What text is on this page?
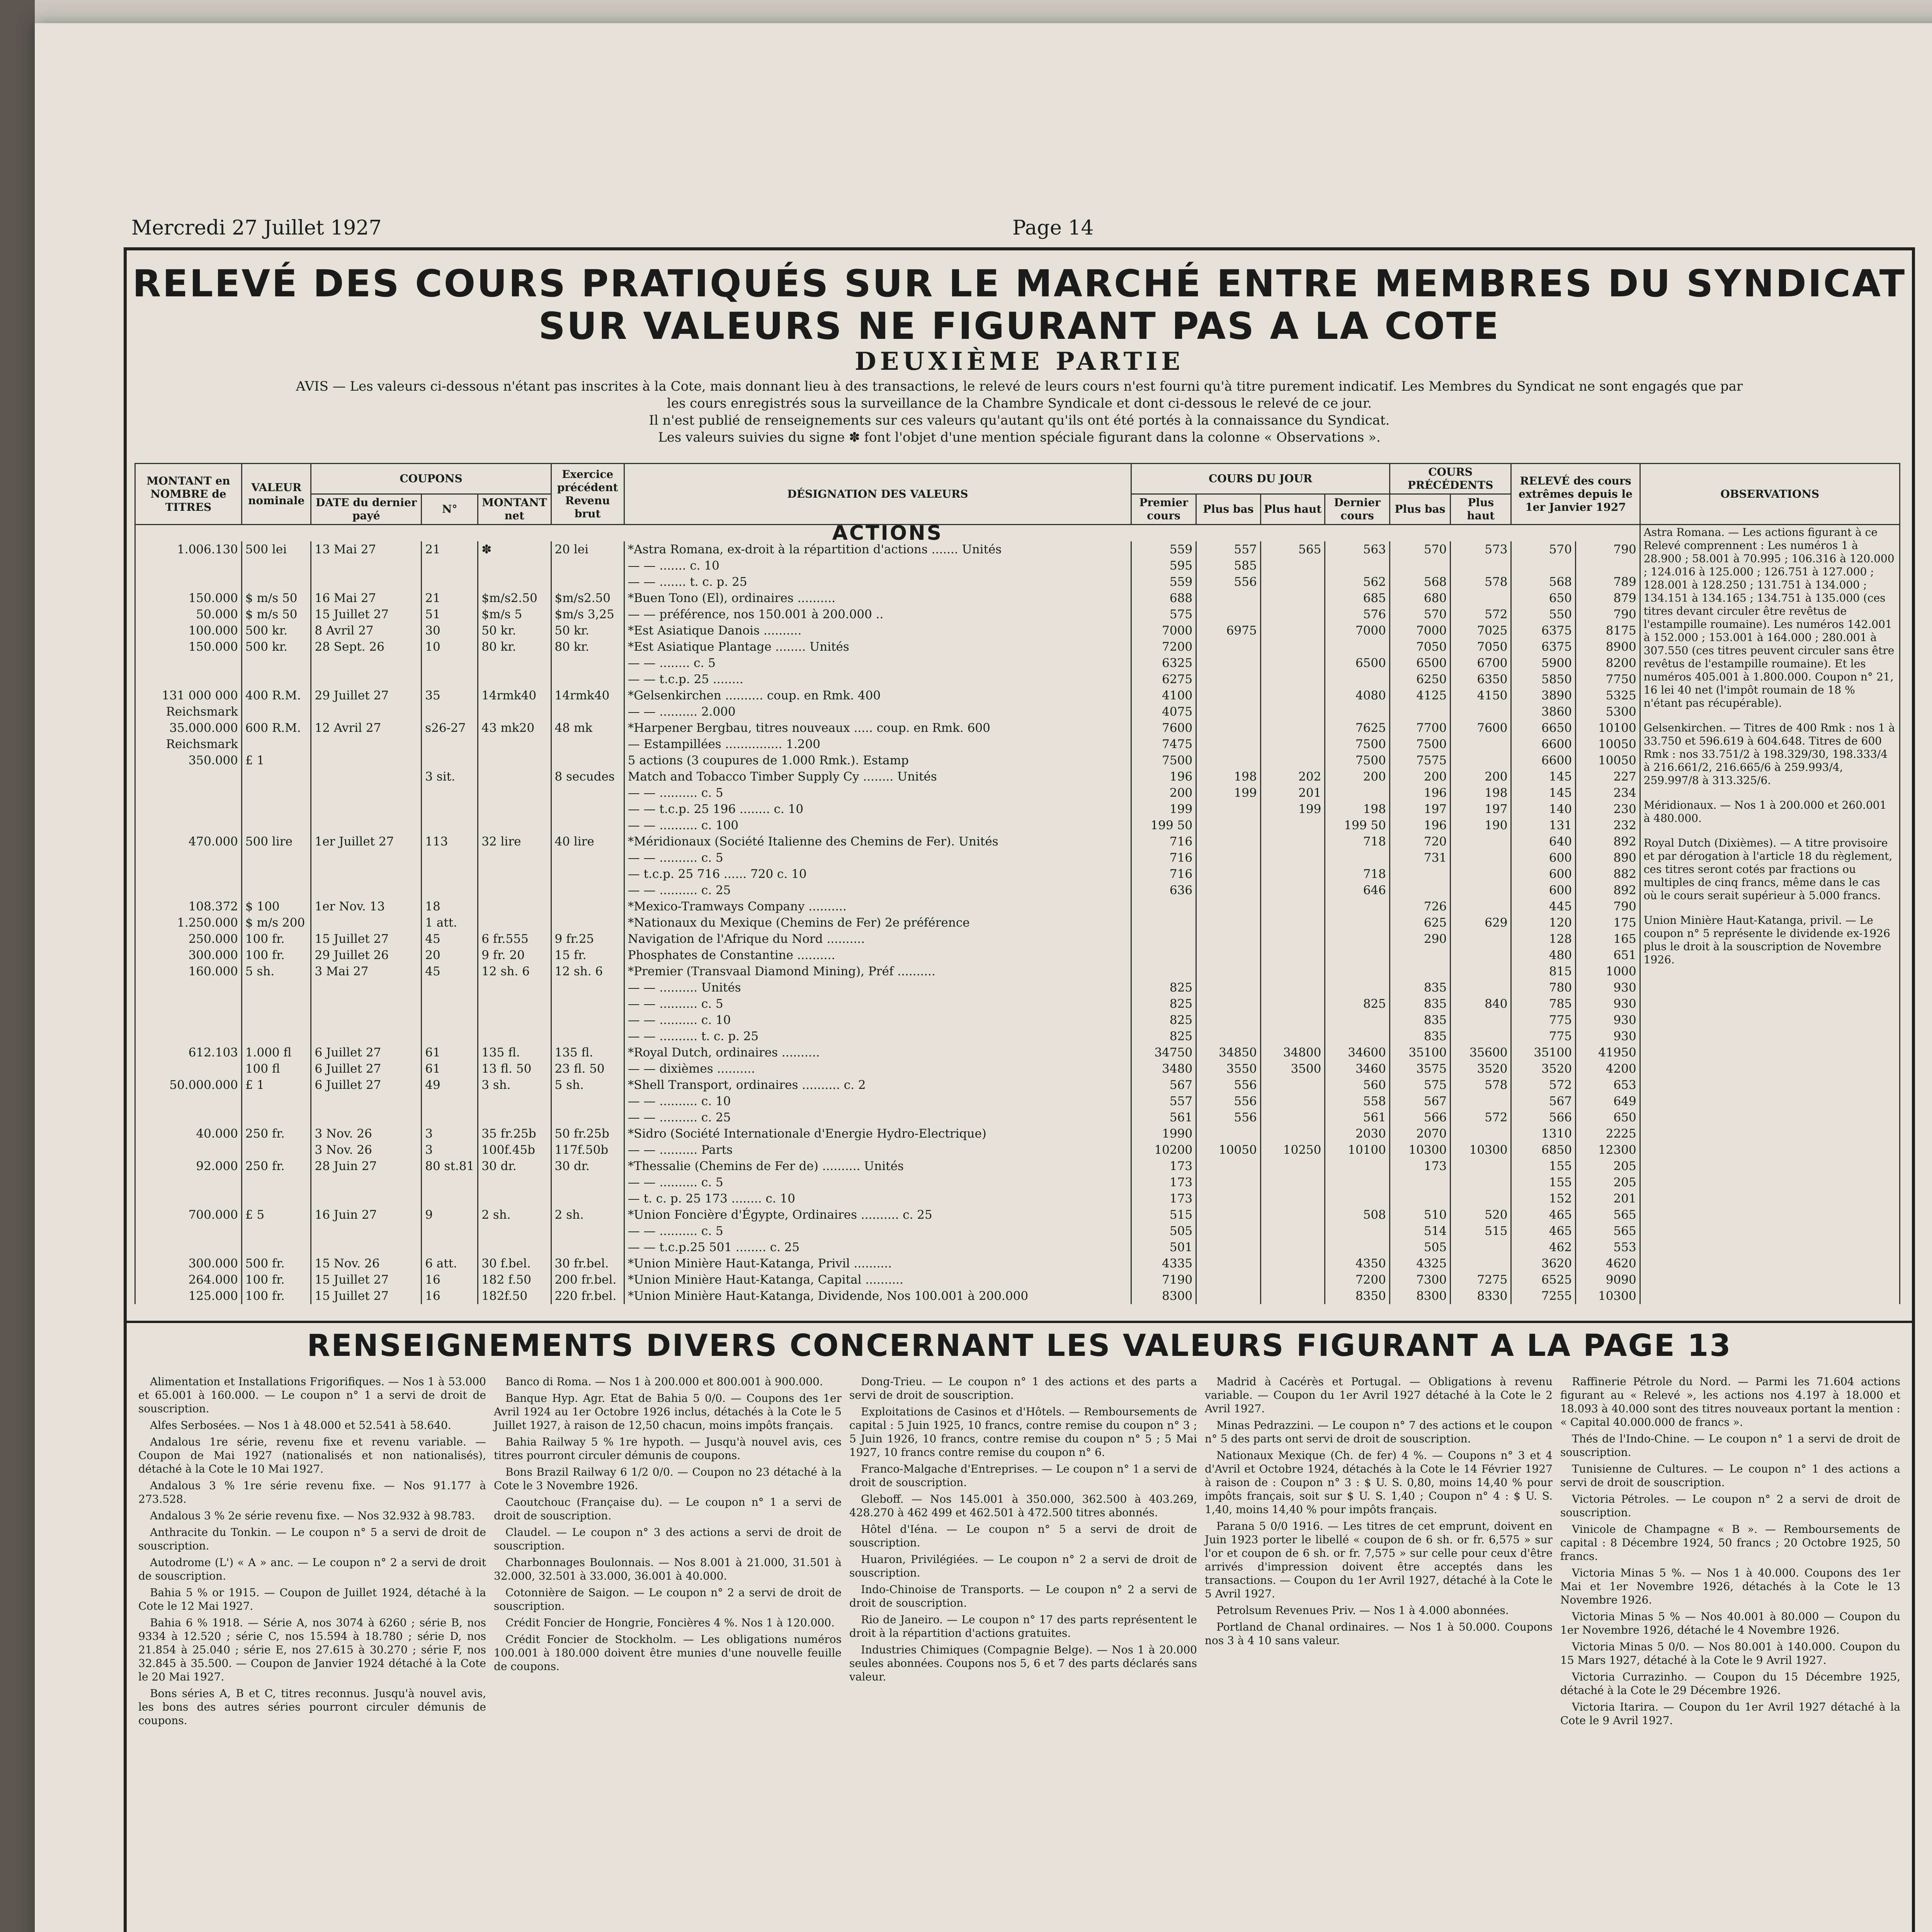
Mercredi 27 Juillet 1927	Page 14
RELEVÉ DES COURS PRATIQUÉS SUR LE MARCHÉ ENTRE MEMBRES DU SYNDICAT
SUR VALEURS NE FIGURANT PAS A LA COTE
DEUXIÈME PARTIE
AVIS — Les valeurs ci-dessous n'étant pas inscrites à la Cote, mais donnant lieu à des transactions, le relevé de leurs cours n'est fourni qu'à titre purement indicatif. Les Membres du Syndicat ne sont engagés que par
les cours enregistrés sous la surveillance de la Chambre Syndicale et dont ci-dessous le relevé de ce jour.
Il n'est publié de renseignements sur ces valeurs qu'autant qu'ils ont été portés à la connaissance du Syndicat.
Les valeurs suivies du signe ✽ font l'objet d'une mention spéciale figurant dans la colonne « Observations ».
MONTANT en NOMBRE de TITRES	VALEUR nominale	COUPONS			Exercice précédent Revenu brut	DÉSIGNATION DES VALEURS	COURS DU JOUR				COURS PRÉCÉDENTS		RELEVÉ des cours extrêmes depuis le 1er Janvier 1927		OBSERVATIONS
		DATE du dernier payé	N°	MONTANT net			Premier cours	Plus bas	Plus haut	Dernier cours	Plus bas	Plus haut			
ACTIONS															Astra Romana. — Les actions figurant à ce Relevé comprennent : Les numéros 1 à 28.900 ; 58.001 à 70.995 ; 106.316 à 120.000 ; 124.016 à 125.000 ; 126.751 à 127.000 ; 128.001 à 128.250 ; 131.751 à 134.000 ; 134.151 à 134.165 ; 134.751 à 135.000 (ces titres devant circuler être revêtus de l'estampille roumaine). Les numéros 142.001 à 152.000 ; 153.001 à 164.000 ; 280.001 à 307.550 (ces titres peuvent circuler sans être revêtus de l'estampille roumaine). Et les numéros 405.001 à 1.800.000. Coupon n° 21, 16 lei 40 net (l'impôt roumain de 18 % n'étant pas récupérable).

Gelsenkirchen. — Titres de 400 Rmk : nos 1 à 33.750 et 596.619 à 604.648. Titres de 600 Rmk : nos 33.751/2 à 198.329/30, 198.333/4 à 216.661/2, 216.665/6 à 259.993/4, 259.997/8 à 313.325/6.

Méridionaux. — Nos 1 à 200.000 et 260.001 à 480.000.

Royal Dutch (Dixièmes). — A titre provisoire et par dérogation à l'article 18 du règlement, ces titres seront cotés par fractions ou multiples de cinq francs, même dans le cas où le cours serait supérieur à 5.000 francs.

Union Minière Haut-Katanga, privil. — Le coupon n° 5 représente le dividende ex-1926 plus le droit à la souscription de Novembre 1926.

1.006.130	500 lei	13 Mai 27	21	✽	20 lei	*Astra Romana, ex-droit à la répartition d'actions ....... Unités	559	557	565	563	570	573	570	790	
						— — ....... c. 10	595	585							
						— — ....... t. c. p. 25	559	556		562	568	578	568	789	
150.000	$ m/s 50	16 Mai 27	21	$m/s2.50	$m/s2.50	*Buen Tono (El), ordinaires ..........	688			685	680		650	879	
50.000	$ m/s 50	15 Juillet 27	51	$m/s 5	$m/s 3,25	— — préférence, nos 150.001 à 200.000 ..	575			576	570	572	550	790	
100.000	500 kr.	8 Avril 27	30	50 kr.	50 kr.	*Est Asiatique Danois ..........	7000	6975		7000	7000	7025	6375	8175	
150.000	500 kr.	28 Sept. 26	10	80 kr.	80 kr.	*Est Asiatique Plantage ........ Unités	7200				7050	7050	6375	8900	
						— — ........ c. 5	6325			6500	6500	6700	5900	8200	
						— — t.c.p. 25 ........	6275				6250	6350	5850	7750	
131 000 000	400 R.M.	29 Juillet 27	35	14rmk40	14rmk40	*Gelsenkirchen .......... coup. en Rmk. 400	4100			4080	4125	4150	3890	5325	
Reichsmark						— — .......... 2.000	4075						3860	5300	
35.000.000	600 R.M.	12 Avril 27	s26-27	43 mk20	48 mk	*Harpener Bergbau, titres nouveaux ..... coup. en Rmk. 600	7600			7625	7700	7600	6650	10100	
Reichsmark						— Estampillées ............... 1.200	7475			7500	7500		6600	10050	
350.000	£ 1					5 actions (3 coupures de 1.000 Rmk.). Estamp	7500			7500	7575		6600	10050	
			3 sit.		8 secudes	Match and Tobacco Timber Supply Cy ........ Unités	196	198	202	200	200	200	145	227	
						— — .......... c. 5	200	199	201		196	198	145	234	
						— — t.c.p. 25 196 ........ c. 10	199		199	198	197	197	140	230	
						— — .......... c. 100	199 50			199 50	196	190	131	232	
470.000	500 lire	1er Juillet 27	113	32 lire	40 lire	*Méridionaux (Société Italienne des Chemins de Fer). Unités	716			718	720		640	892	
						— — .......... c. 5	716				731		600	890	
						— t.c.p. 25 716 ...... 720 c. 10	716			718			600	882	
						— — .......... c. 25	636			646			600	892	
108.372	$ 100	1er Nov. 13	18			*Mexico-Tramways Company ..........					726		445	790	
1.250.000	$ m/s 200		1 att.			*Nationaux du Mexique (Chemins de Fer) 2e préférence					625	629	120	175	
250.000	100 fr.	15 Juillet 27	45	6 fr.555	9 fr.25	Navigation de l'Afrique du Nord ..........					290		128	165	
300.000	100 fr.	29 Juillet 26	20	9 fr. 20	15 fr.	Phosphates de Constantine ..........							480	651	
160.000	5 sh.	3 Mai 27	45	12 sh. 6	12 sh. 6	*Premier (Transvaal Diamond Mining), Préf ..........							815	1000	
						— — .......... Unités	825				835		780	930	
						— — .......... c. 5	825			825	835	840	785	930	
						— — .......... c. 10	825				835		775	930	
						— — .......... t. c. p. 25	825				835		775	930	
612.103	1.000 fl	6 Juillet 27	61	135 fl.	135 fl.	*Royal Dutch, ordinaires ..........	34750	34850	34800	34600	35100	35600	35100	41950	
	100 fl	6 Juillet 27	61	13 fl. 50	23 fl. 50	— — dixièmes ..........	3480	3550	3500	3460	3575	3520	3520	4200	
50.000.000	£ 1	6 Juillet 27	49	3 sh.	5 sh.	*Shell Transport, ordinaires .......... c. 2	567	556		560	575	578	572	653	
						— — .......... c. 10	557	556		558	567		567	649	
						— — .......... c. 25	561	556		561	566	572	566	650	
40.000	250 fr.	3 Nov. 26	3	35 fr.25b	50 fr.25b	*Sidro (Société Internationale d'Energie Hydro-Electrique)	1990			2030	2070		1310	2225	
		3 Nov. 26	3	100f.45b	117f.50b	— — .......... Parts	10200	10050	10250	10100	10300	10300	6850	12300	
92.000	250 fr.	28 Juin 27	80 st.81	30 dr.	30 dr.	*Thessalie (Chemins de Fer de) .......... Unités	173				173		155	205	
						— — .......... c. 5	173						155	205	
						— t. c. p. 25 173 ........ c. 10	173						152	201	
700.000	£ 5	16 Juin 27	9	2 sh.	2 sh.	*Union Foncière d'Égypte, Ordinaires .......... c. 25	515			508	510	520	465	565	
						— — .......... c. 5	505				514	515	465	565	
						— — t.c.p.25 501 ........ c. 25	501				505		462	553	
300.000	500 fr.	15 Nov. 26	6 att.	30 f.bel.	30 fr.bel.	*Union Minière Haut-Katanga, Privil ..........	4335			4350	4325		3620	4620	
264.000	100 fr.	15 Juillet 27	16	182 f.50	200 fr.bel.	*Union Minière Haut-Katanga, Capital ..........	7190			7200	7300	7275	6525	9090	
125.000	100 fr.	15 Juillet 27	16	182f.50	220 fr.bel.	*Union Minière Haut-Katanga, Dividende, Nos 100.001 à 200.000	8300			8350	8300	8330	7255	10300	
RENSEIGNEMENTS DIVERS CONCERNANT LES VALEURS FIGURANT A LA PAGE 13

Alimentation et Installations Frigorifiques. — Nos 1 à 53.000 et 65.001 à 160.000. — Le coupon n° 1 a servi de droit de souscription.

Alfes Serbosées. — Nos 1 à 48.000 et 52.541 à 58.640.

Andalous 1re série, revenu fixe et revenu variable. — Coupon de Mai 1927 (nationalisés et non nationalisés), détaché à la Cote le 10 Mai 1927.

Andalous 3 % 1re série revenu fixe. — Nos 91.177 à 273.528.

Andalous 3 % 2e série revenu fixe. — Nos 32.932 à 98.783.

Anthracite du Tonkin. — Le coupon n° 5 a servi de droit de souscription.

Autodrome (L') « A » anc. — Le coupon n° 2 a servi de droit de souscription.

Bahia 5 % or 1915. — Coupon de Juillet 1924, détaché à la Cote le 12 Mai 1927.

Bahia 6 % 1918. — Série A, nos 3074 à 6260 ; série B, nos 9334 à 12.520 ; série C, nos 15.594 à 18.780 ; série D, nos 21.854 à 25.040 ; série E, nos 27.615 à 30.270 ; série F, nos 32.845 à 35.500. — Coupon de Janvier 1924 détaché à la Cote le 20 Mai 1927.

Bons séries A, B et C, titres reconnus. Jusqu'à nouvel avis, les bons des autres séries pourront circuler démunis de coupons.

Banco di Roma. — Nos 1 à 200.000 et 800.001 à 900.000.

Banque Hyp. Agr. Etat de Bahia 5 0/0. — Coupons des 1er Avril 1924 au 1er Octobre 1926 inclus, détachés à la Cote le 5 Juillet 1927, à raison de 12,50 chacun, moins impôts français.

Bahia Railway 5 % 1re hypoth. — Jusqu'à nouvel avis, ces titres pourront circuler démunis de coupons.

Bons Brazil Railway 6 1/2 0/0. — Coupon no 23 détaché à la Cote le 3 Novembre 1926.

Caoutchouc (Française du). — Le coupon n° 1 a servi de droit de souscription.

Claudel. — Le coupon n° 3 des actions a servi de droit de souscription.

Charbonnages Boulonnais. — Nos 8.001 à 21.000, 31.501 à 32.000, 32.501 à 33.000, 36.001 à 40.000.

Cotonnière de Saigon. — Le coupon n° 2 a servi de droit de souscription.

Crédit Foncier de Hongrie, Foncières 4 %. Nos 1 à 120.000.

Crédit Foncier de Stockholm. — Les obligations numéros 100.001 à 180.000 doivent être munies d'une nouvelle feuille de coupons.

Dong-Trieu. — Le coupon n° 1 des actions et des parts a servi de droit de souscription.

Exploitations de Casinos et d'Hôtels. — Remboursements de capital : 5 Juin 1925, 10 francs, contre remise du coupon n° 3 ; 5 Juin 1926, 10 francs, contre remise du coupon n° 5 ; 5 Mai 1927, 10 francs contre remise du coupon n° 6.

Franco-Malgache d'Entreprises. — Le coupon n° 1 a servi de droit de souscription.

Gleboff. — Nos 145.001 à 350.000, 362.500 à 403.269, 428.270 à 462 499 et 462.501 à 472.500 titres abonnés.

Hôtel d'Iéna. — Le coupon n° 5 a servi de droit de souscription.

Huaron, Privilégiées. — Le coupon n° 2 a servi de droit de souscription.

Indo-Chinoise de Transports. — Le coupon n° 2 a servi de droit de souscription.

Rio de Janeiro. — Le coupon n° 17 des parts représentent le droit à la répartition d'actions gratuites.

Industries Chimiques (Compagnie Belge). — Nos 1 à 20.000 seules abonnées. Coupons nos 5, 6 et 7 des parts déclarés sans valeur.

Madrid à Cacérès et Portugal. — Obligations à revenu variable. — Coupon du 1er Avril 1927 détaché à la Cote le 2 Avril 1927.

Minas Pedrazzini. — Le coupon n° 7 des actions et le coupon n° 5 des parts ont servi de droit de souscription.

Nationaux Mexique (Ch. de fer) 4 %. — Coupons n° 3 et 4 d'Avril et Octobre 1924, détachés à la Cote le 14 Février 1927 à raison de : Coupon n° 3 : $ U. S. 0,80, moins 14,40 % pour impôts français, soit sur $ U. S. 1,40 ; Coupon n° 4 : $ U. S. 1,40, moins 14,40 % pour impôts français.

Parana 5 0/0 1916. — Les titres de cet emprunt, doivent en Juin 1923 porter le libellé « coupon de 6 sh. or fr. 6,575 » sur l'or et coupon de 6 sh. or fr. 7,575 » sur celle pour ceux d'être arrivés d'impression doivent être acceptés dans les transactions. — Coupon du 1er Avril 1927, détaché à la Cote le 5 Avril 1927.

Petrolsum Revenues Priv. — Nos 1 à 4.000 abonnées.

Portland de Chanal ordinaires. — Nos 1 à 50.000. Coupons nos 3 à 4 10 sans valeur.

Raffinerie Pétrole du Nord. — Parmi les 71.604 actions figurant au « Relevé », les actions nos 4.197 à 18.000 et 18.093 à 40.000 sont des titres nouveaux portant la mention : « Capital 40.000.000 de francs ».

Thés de l'Indo-Chine. — Le coupon n° 1 a servi de droit de souscription.

Tunisienne de Cultures. — Le coupon n° 1 des actions a servi de droit de souscription.

Victoria Pétroles. — Le coupon n° 2 a servi de droit de souscription.

Vinicole de Champagne « B ». — Remboursements de capital : 8 Décembre 1924, 50 francs ; 20 Octobre 1925, 50 francs.

Victoria Minas 5 %. — Nos 1 à 40.000. Coupons des 1er Mai et 1er Novembre 1926, détachés à la Cote le 13 Novembre 1926.

Victoria Minas 5 % — Nos 40.001 à 80.000 — Coupon du 1er Novembre 1926, détaché le 4 Novembre 1926.

Victoria Minas 5 0/0. — Nos 80.001 à 140.000. Coupon du 15 Mars 1927, détaché à la Cote le 9 Avril 1927.

Victoria Currazinho. — Coupon du 15 Décembre 1925, détaché à la Cote le 29 Décembre 1926.

Victoria Itarira. — Coupon du 1er Avril 1927 détaché à la Cote le 9 Avril 1927.
